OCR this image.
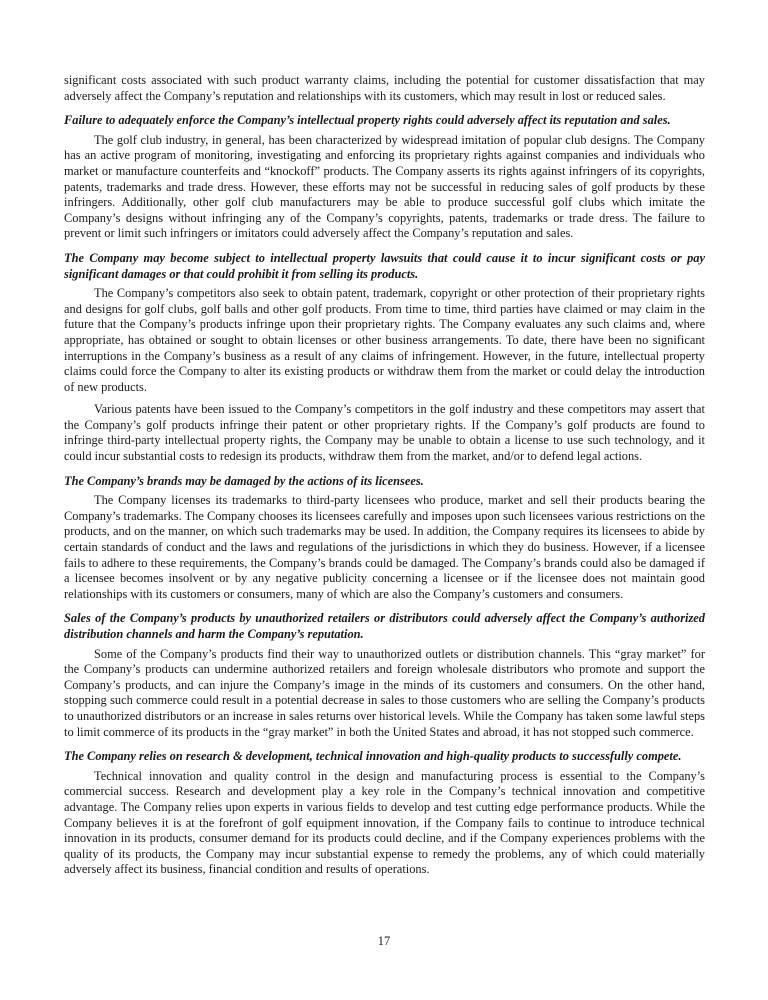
significant costs associated with such product warranty claims, including the potential for customer dissatisfaction that may adversely affect the Company’s reputation and relationships with its customers, which may result in lost or reduced sales.

Failure to adequately enforce the Company’s intellectual property rights could adversely affect its reputation and sales.

The golf club industry, in general, has been characterized by widespread imitation of popular club designs. The Company has an active program of monitoring, investigating and enforcing its proprietary rights against companies and individuals who market or manufacture counterfeits and “knockoff” products. The Company asserts its rights against infringers of its copyrights, patents, trademarks and trade dress. However, these efforts may not be successful in reducing sales of golf products by these infringers. Additionally, other golf club manufacturers may be able to produce successful golf clubs which imitate the Company’s designs without infringing any of the Company’s copyrights, patents, trademarks or trade dress. The failure to prevent or limit such infringers or imitators could adversely affect the Company’s reputation and sales.

The Company may become subject to intellectual property lawsuits that could cause it to incur significant costs or pay significant damages or that could prohibit it from selling its products.

The Company’s competitors also seek to obtain patent, trademark, copyright or other protection of their proprietary rights and designs for golf clubs, golf balls and other golf products. From time to time, third parties have claimed or may claim in the future that the Company’s products infringe upon their proprietary rights. The Company evaluates any such claims and, where appropriate, has obtained or sought to obtain licenses or other business arrangements. To date, there have been no significant interruptions in the Company’s business as a result of any claims of infringement. However, in the future, intellectual property claims could force the Company to alter its existing products or withdraw them from the market or could delay the introduction of new products.

Various patents have been issued to the Company’s competitors in the golf industry and these competitors may assert that the Company’s golf products infringe their patent or other proprietary rights. If the Company’s golf products are found to infringe third-party intellectual property rights, the Company may be unable to obtain a license to use such technology, and it could incur substantial costs to redesign its products, withdraw them from the market, and/or to defend legal actions.

The Company’s brands may be damaged by the actions of its licensees.

The Company licenses its trademarks to third-party licensees who produce, market and sell their products bearing the Company’s trademarks. The Company chooses its licensees carefully and imposes upon such licensees various restrictions on the products, and on the manner, on which such trademarks may be used. In addition, the Company requires its licensees to abide by certain standards of conduct and the laws and regulations of the jurisdictions in which they do business. However, if a licensee fails to adhere to these requirements, the Company’s brands could be damaged. The Company’s brands could also be damaged if a licensee becomes insolvent or by any negative publicity concerning a licensee or if the licensee does not maintain good relationships with its customers or consumers, many of which are also the Company’s customers and consumers.

Sales of the Company’s products by unauthorized retailers or distributors could adversely affect the Company’s authorized distribution channels and harm the Company’s reputation.

Some of the Company’s products find their way to unauthorized outlets or distribution channels. This “gray market” for the Company’s products can undermine authorized retailers and foreign wholesale distributors who promote and support the Company’s products, and can injure the Company’s image in the minds of its customers and consumers. On the other hand, stopping such commerce could result in a potential decrease in sales to those customers who are selling the Company’s products to unauthorized distributors or an increase in sales returns over historical levels. While the Company has taken some lawful steps to limit commerce of its products in the “gray market” in both the United States and abroad, it has not stopped such commerce.

The Company relies on research & development, technical innovation and high-quality products to successfully compete.

Technical innovation and quality control in the design and manufacturing process is essential to the Company’s commercial success. Research and development play a key role in the Company’s technical innovation and competitive advantage. The Company relies upon experts in various fields to develop and test cutting edge performance products. While the Company believes it is at the forefront of golf equipment innovation, if the Company fails to continue to introduce technical innovation in its products, consumer demand for its products could decline, and if the Company experiences problems with the quality of its products, the Company may incur substantial expense to remedy the problems, any of which could materially adversely affect its business, financial condition and results of operations.

17
